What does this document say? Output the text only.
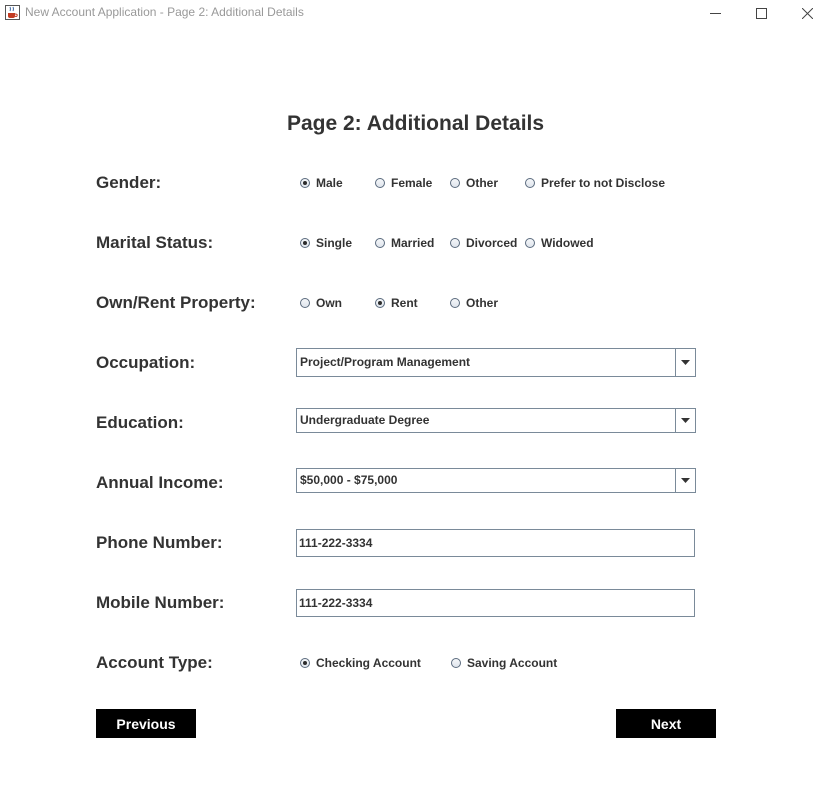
New Account Application - Page 2: Additional Details
Page 2: Additional Details
Gender:	Male	Female	Other	Prefer to not Disclose
Marital Status:	Single	Married	Divorced Widowed
Own/Rent Property:	Own	Rent	Other
Occupation:	Project/Program Management
Education:	Undergraduate Degree
Annual Income:	$50,000 - $75,000
Phone Number:
111-222-3334
Mobile Number:
111-222-3334
Account Type:	Checking Account	Saving Account
Previous	Next
